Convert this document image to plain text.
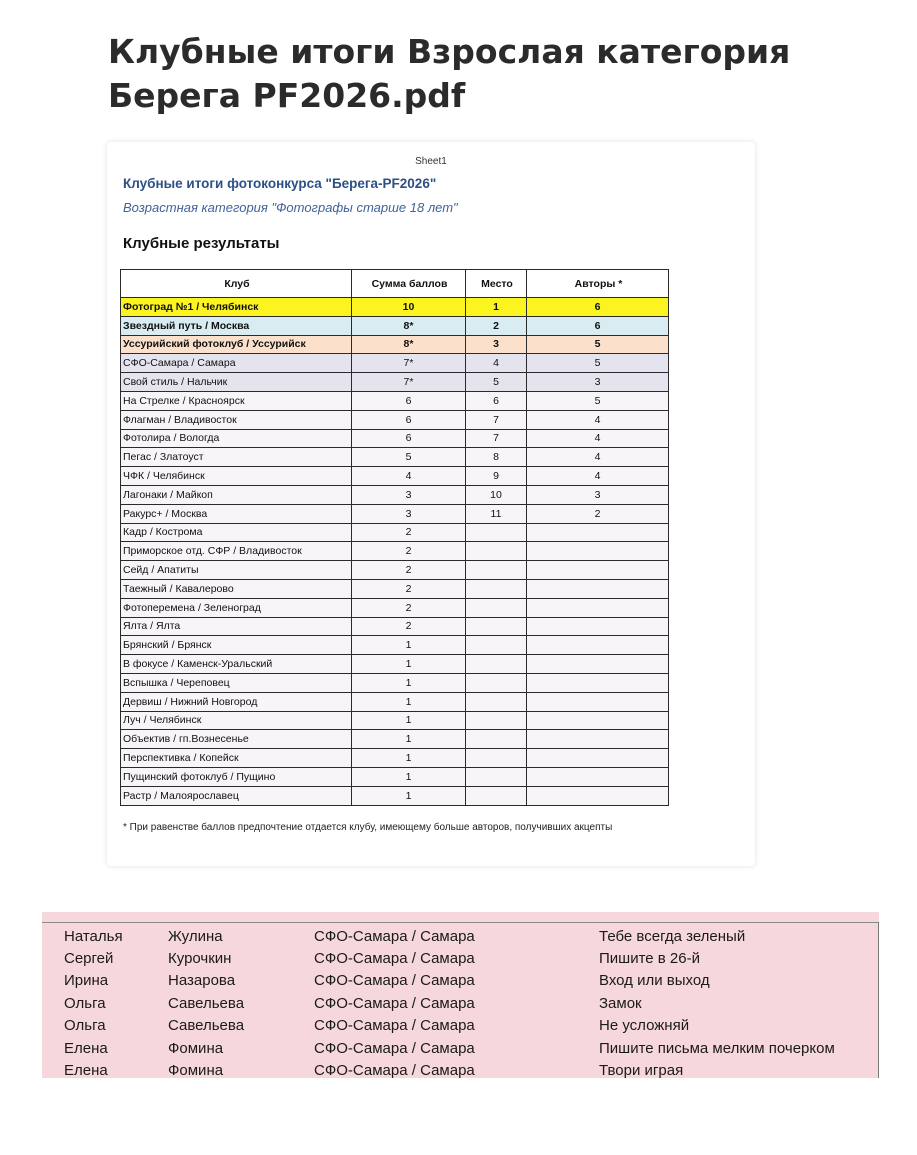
Клубные итоги Взрослая категория Берега PF2026.pdf
Sheet1
Клубные итоги фотоконкурса "Берега-PF2026"
Возрастная категория "Фотографы старше 18 лет"
Клубные результаты
Клуб	Сумма баллов	Место	Авторы *
Фотоград №1 / Челябинск	10	1	6
Звездный путь / Москва	8*	2	6
Уссурийский фотоклуб / Уссурийск	8*	3	5
СФО-Самара / Самара	7*	4	5
Свой стиль / Нальчик	7*	5	3
На Стрелке / Красноярск	6	6	5
Флагман / Владивосток	6	7	4
Фотолира / Вологда	6	7	4
Пегас / Златоуст	5	8	4
ЧФК / Челябинск	4	9	4
Лагонаки / Майкоп	3	10	3
Ракурс+ / Москва	3	11	2
Кадр / Кострома	2		
Приморское отд. СФР / Владивосток	2		
Сейд / Апатиты	2		
Таежный / Кавалерово	2		
Фотоперемена / Зеленоград	2		
Ялта / Ялта	2		
Брянский / Брянск	1		
В фокусе / Каменск-Уральский	1		
Вспышка / Череповец	1		
Дервиш / Нижний Новгород	1		
Луч / Челябинск	1		
Объектив / гп.Вознесенье	1		
Перспективка / Копейск	1		
Пущинский фотоклуб / Пущино	1		
Растр / Малоярославец	1		
* При равенстве баллов предпочтение отдается клубу, имеющему больше авторов, получивших акцепты
Наталья	Жулина	СФО-Самара / Самара	Тебе всегда зеленый
Сергей	Курочкин	СФО-Самара / Самара	Пишите в 26-й
Ирина	Назарова	СФО-Самара / Самара	Вход или выход
Ольга	Савельева	СФО-Самара / Самара	Замок
Ольга	Савельева	СФО-Самара / Самара	Не усложняй
Елена	Фомина	СФО-Самара / Самара	Пишите письма мелким почерком
Елена	Фомина	СФО-Самара / Самара	Твори играя
